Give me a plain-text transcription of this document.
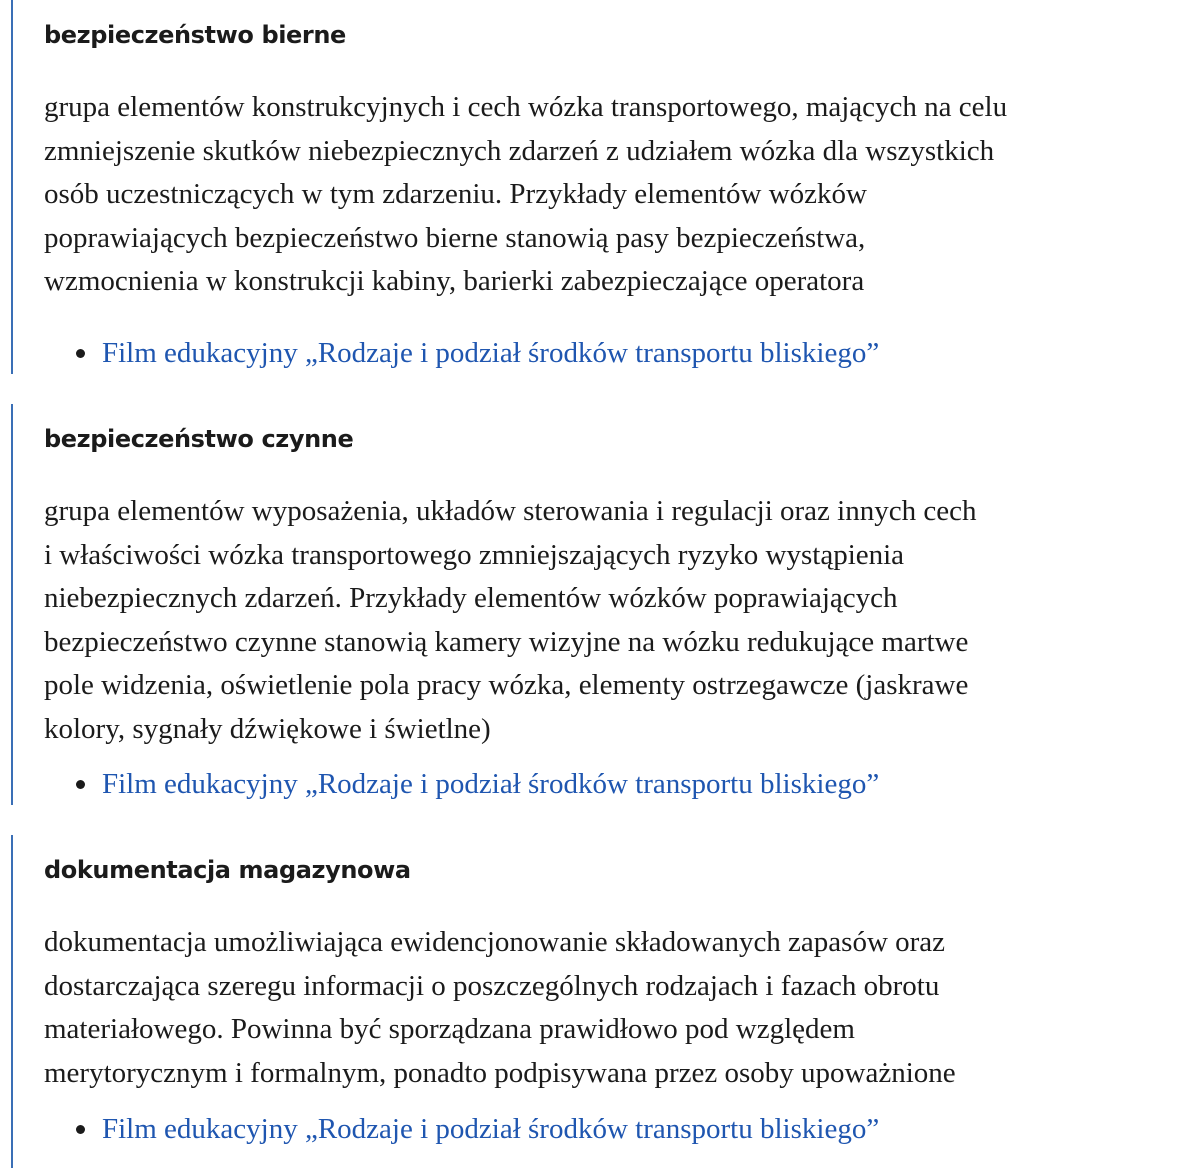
bezpieczeństwo bierne

grupa elementów konstrukcyjnych i cech wózka transportowego, mających na celu
zmniejszenie skutków niebezpiecznych zdarzeń z udziałem wózka dla wszystkich
osób uczestniczących w tym zdarzeniu. Przykłady elementów wózków
poprawiających bezpieczeństwo bierne stanowią pasy bezpieczeństwa,
wzmocnienia w konstrukcji kabiny, barierki zabezpieczające operatora

Film edukacyjny „Rodzaje i podział środków transportu bliskiego”
bezpieczeństwo czynne

grupa elementów wyposażenia, układów sterowania i regulacji oraz innych cech
i właściwości wózka transportowego zmniejszających ryzyko wystąpienia
niebezpiecznych zdarzeń. Przykłady elementów wózków poprawiających
bezpieczeństwo czynne stanowią kamery wizyjne na wózku redukujące martwe
pole widzenia, oświetlenie pola pracy wózka, elementy ostrzegawcze (jaskrawe
kolory, sygnały dźwiękowe i świetlne)

Film edukacyjny „Rodzaje i podział środków transportu bliskiego”
dokumentacja magazynowa

dokumentacja umożliwiająca ewidencjonowanie składowanych zapasów oraz
dostarczająca szeregu informacji o poszczególnych rodzajach i fazach obrotu
materiałowego. Powinna być sporządzana prawidłowo pod względem
merytorycznym i formalnym, ponadto podpisywana przez osoby upoważnione

Film edukacyjny „Rodzaje i podział środków transportu bliskiego”
